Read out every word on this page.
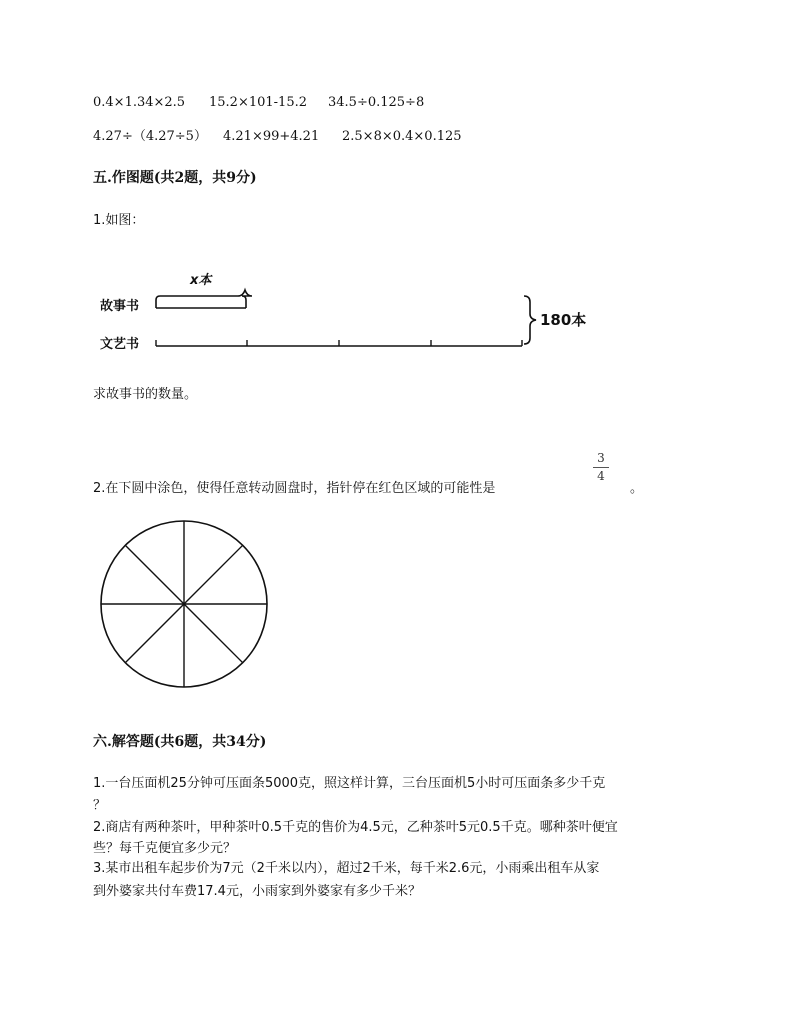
0.4×1.34×2.5 15.2×101-15.2 34.5÷0.125÷8
4.27÷（4.27÷5） 4.21×99+4.21 2.5×8×0.4×0.125
五.作图题(共2题，共9分)
1.如图：
x本
故事书
文艺书
180本
求故事书的数量。
2.在下圆中涂色，使得任意转动圆盘时，指针停在红色区域的可能性是
3
4
。
六.解答题(共6题，共34分)
1.一台压面机25分钟可压面条5000克，照这样计算，三台压面机5小时可压面条多少千克
？
2.商店有两种茶叶，甲种茶叶0.5千克的售价为4.5元，乙种茶叶5元0.5千克。哪种茶叶便宜
些？每千克便宜多少元？
3.某市出租车起步价为7元（2千米以内），超过2千米，每千米2.6元，小雨乘出租车从家
到外婆家共付车费17.4元，小雨家到外婆家有多少千米？
